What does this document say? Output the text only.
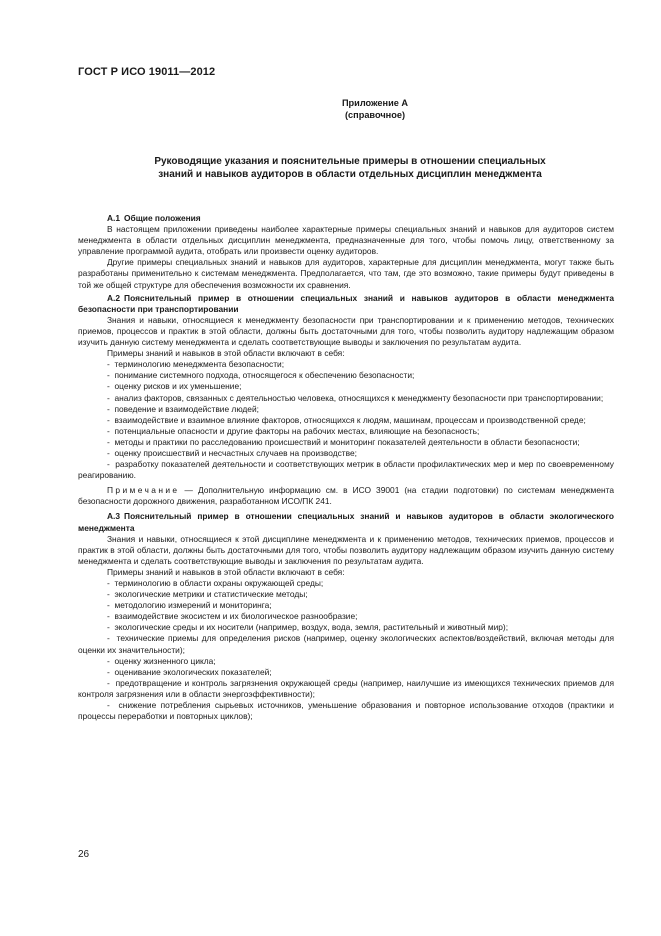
ГОСТ Р ИСО 19011—2012
Приложение А
(справочное)
Руководящие указания и пояснительные примеры в отношении специальных знаний и навыков аудиторов в области отдельных дисциплин менеджмента

А.1 Общие положения

В настоящем приложении приведены наиболее характерные примеры специальных знаний и навыков для аудиторов систем менеджмента в области отдельных дисциплин менеджмента, предназначенные для того, чтобы помочь лицу, ответственному за управление программой аудита, отобрать или произвести оценку аудиторов.

Другие примеры специальных знаний и навыков для аудиторов, характерные для дисциплин менеджмента, могут также быть разработаны применительно к системам менеджмента. Предполагается, что там, где это возможно, такие примеры будут приведены в той же общей структуре для обеспечения возможности их сравнения.

А.2 Пояснительный пример в отношении специальных знаний и навыков аудиторов в области менеджмента безопасности при транспортировании

Знания и навыки, относящиеся к менеджменту безопасности при транспортировании и к применению методов, технических приемов, процессов и практик в этой области, должны быть достаточными для того, чтобы позволить аудитору надлежащим образом изучить данную систему менеджмента и сделать соответствующие выводы и заключения по результатам аудита.

Примеры знаний и навыков в этой области включают в себя:

-  терминологию менеджмента безопасности;

-  понимание системного подхода, относящегося к обеспечению безопасности;

-  оценку рисков и их уменьшение;

-  анализ факторов, связанных с деятельностью человека, относящихся к менеджменту безопасности при транспортировании;

-  поведение и взаимодействие людей;

-  взаимодействие и взаимное влияние факторов, относящихся к людям, машинам, процессам и производственной среде;

-  потенциальные опасности и другие факторы на рабочих местах, влияющие на безопасность;

-  методы и практики по расследованию происшествий и мониторинг показателей деятельности в области безопасности;

-  оценку происшествий и несчастных случаев на производстве;

-  разработку показателей деятельности и соответствующих метрик в области профилактических мер и мер по своевременному реагированию.

Примечание — Дополнительную информацию см. в ИСО 39001 (на стадии подготовки) по системам менеджмента безопасности дорожного движения, разработанном ИСО/ПК 241.

А.3 Пояснительный пример в отношении специальных знаний и навыков аудиторов в области экологического менеджмента

Знания и навыки, относящиеся к этой дисциплине менеджмента и к применению методов, технических приемов, процессов и практик в этой области, должны быть достаточными для того, чтобы позволить аудитору надлежащим образом изучить данную систему менеджмента и сделать соответствующие выводы и заключения по результатам аудита.

Примеры знаний и навыков в этой области включают в себя:

-  терминологию в области охраны окружающей среды;

-  экологические метрики и статистические методы;

-  методологию измерений и мониторинга;

-  взаимодействие экосистем и их биологическое разнообразие;

-  экологические среды и их носители (например, воздух, вода, земля, растительный и животный мир);

-  технические приемы для определения рисков (например, оценку экологических аспектов/воздействий, включая методы для оценки их значительности);

-  оценку жизненного цикла;

-  оценивание экологических показателей;

-  предотвращение и контроль загрязнения окружающей среды (например, наилучшие из имеющихся технических приемов для контроля загрязнения или в области энергоэффективности);

-  снижение потребления сырьевых источников, уменьшение образования и повторное использование отходов (практики и процессы переработки и повторных циклов);

26
